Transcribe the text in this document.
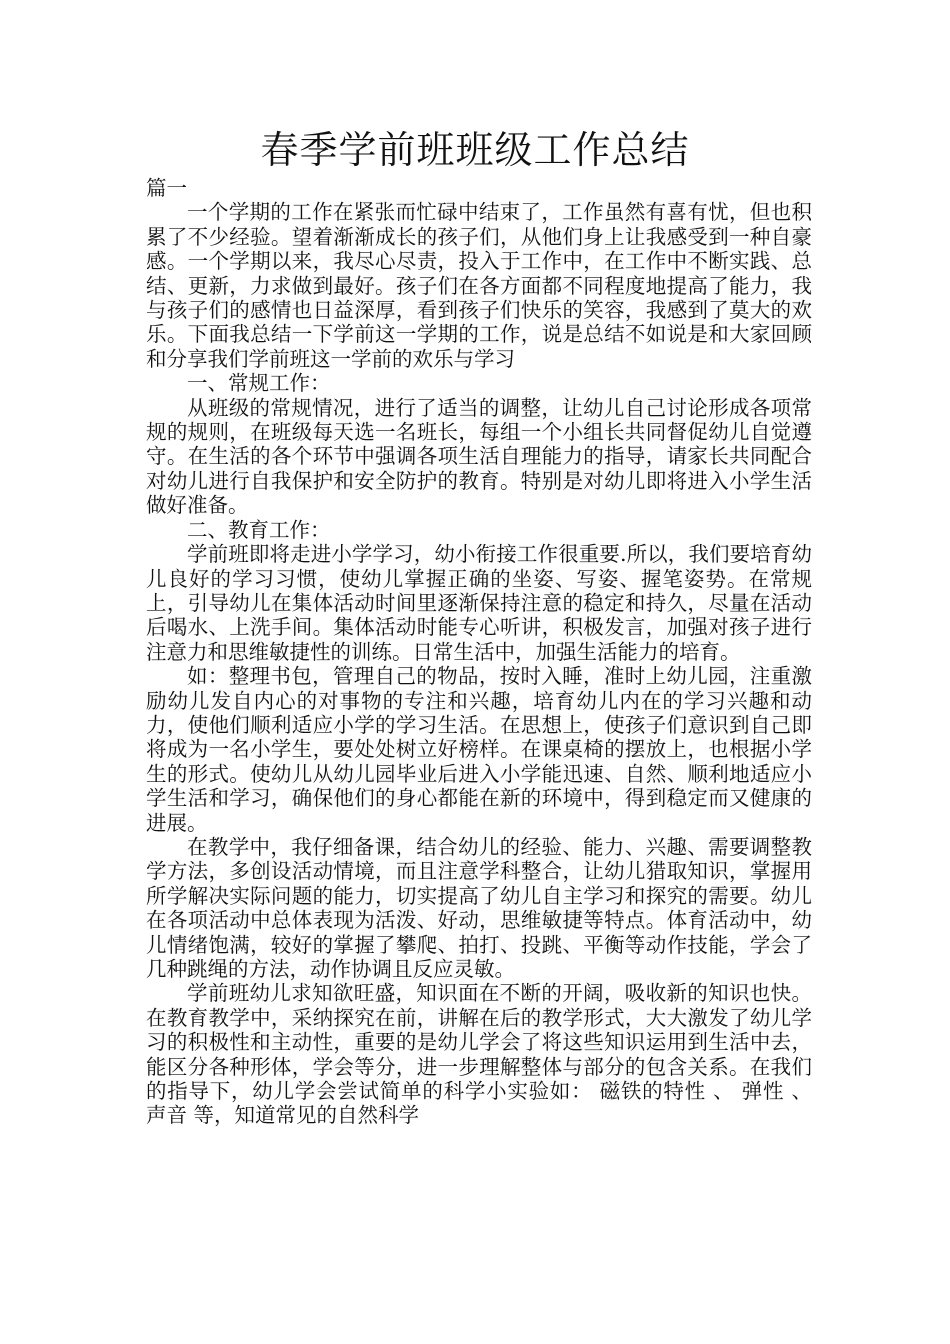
春季学前班班级工作总结

篇一

一个学期的工作在紧张而忙碌中结束了，工作虽然有喜有忧，但也积累了不少经验。望着渐渐成长的孩子们，从他们身上让我感受到一种自豪感。一个学期以来，我尽心尽责，投入于工作中，在工作中不断实践、总结、更新，力求做到最好。孩子们在各方面都不同程度地提高了能力，我与孩子们的感情也日益深厚，看到孩子们快乐的笑容，我感到了莫大的欢乐。下面我总结一下学前这一学期的工作，说是总结不如说是和大家回顾和分享我们学前班这一学前的欢乐与学习

一、常规工作：

从班级的常规情况，进行了适当的调整，让幼儿自己讨论形成各项常规的规则，在班级每天选一名班长，每组一个小组长共同督促幼儿自觉遵守。在生活的各个环节中强调各项生活自理能力的指导，请家长共同配合对幼儿进行自我保护和安全防护的教育。特别是对幼儿即将进入小学生活做好准备。

二、教育工作：

学前班即将走进小学学习，幼小衔接工作很重要.所以，我们要培育幼儿良好的学习习惯，使幼儿掌握正确的坐姿、写姿、握笔姿势。在常规上，引导幼儿在集体活动时间里逐渐保持注意的稳定和持久，尽量在活动后喝水、上洗手间。集体活动时能专心听讲，积极发言，加强对孩子进行注意力和思维敏捷性的训练。日常生活中，加强生活能力的培育。

如：整理书包，管理自己的物品，按时入睡，准时上幼儿园，注重激励幼儿发自内心的对事物的专注和兴趣，培育幼儿内在的学习兴趣和动力，使他们顺利适应小学的学习生活。在思想上，使孩子们意识到自己即将成为一名小学生，要处处树立好榜样。在课桌椅的摆放上，也根据小学生的形式。使幼儿从幼儿园毕业后进入小学能迅速、自然、顺利地适应小学生活和学习，确保他们的身心都能在新的环境中，得到稳定而又健康的进展。

在教学中，我仔细备课，结合幼儿的经验、能力、兴趣、需要调整教学方法，多创设活动情境，而且注意学科整合，让幼儿猎取知识，掌握用所学解决实际问题的能力，切实提高了幼儿自主学习和探究的需要。幼儿在各项活动中总体表现为活泼、好动，思维敏捷等特点。体育活动中，幼儿情绪饱满，较好的掌握了攀爬、拍打、投跳、平衡等动作技能，学会了几种跳绳的方法，动作协调且反应灵敏。

学前班幼儿求知欲旺盛，知识面在不断的开阔，吸收新的知识也快。在教育教学中，采纳探究在前，讲解在后的教学形式，大大激发了幼儿学习的积极性和主动性，重要的是幼儿学会了将这些知识运用到生活中去，能区分各种形体，学会等分，进一步理解整体与部分的包含关系。在我们的指导下，幼儿学会尝试简单的科学小实验如： 磁铁的特性 、 弹性 、 声音 等，知道常见的自然科学
